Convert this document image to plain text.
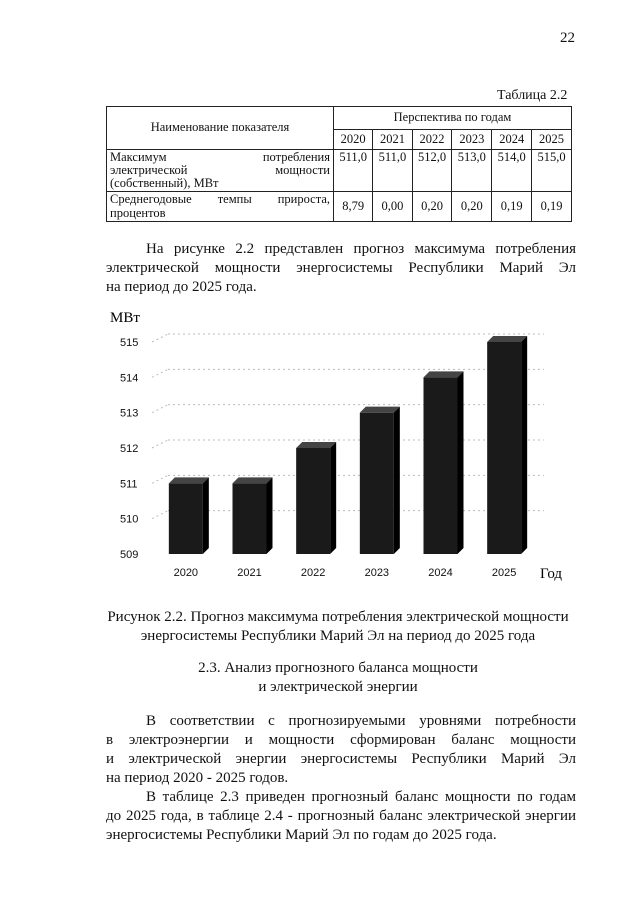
22
Таблица 2.2
Наименование показателя	Перспектива по годам					
	2020	2021	2022	2023	2024	2025

Максимум потребления
электрической мощности
(собственный), МВт	511,0	511,0	512,0	513,0	514,0	515,0

Среднегодовые темпы прироста,
процентов	8,79	0,00	0,20	0,20	0,19	0,19
На рисунке 2.2 представлен прогноз максимума потребления
электрической мощности энергосистемы Республики Марий Эл
на период до 2025 года.
509
510
511
512
513
514
515
2020	2021	2022	2023	2024	2025
МВт
Год
Рисунок 2.2. Прогноз максимума потребления электрической мощности
энергосистемы Республики Марий Эл на период до 2025 года
2.3. Анализ прогнозного баланса мощности
и электрической энергии
В соответствии с прогнозируемыми уровнями потребности
в электроэнергии и мощности сформирован баланс мощности
и электрической энергии энергосистемы Республики Марий Эл
на период 2020 - 2025 годов.
В таблице 2.3 приведен прогнозный баланс мощности по годам
до 2025 года, в таблице 2.4 - прогнозный баланс электрической энергии
энергосистемы Республики Марий Эл по годам до 2025 года.
